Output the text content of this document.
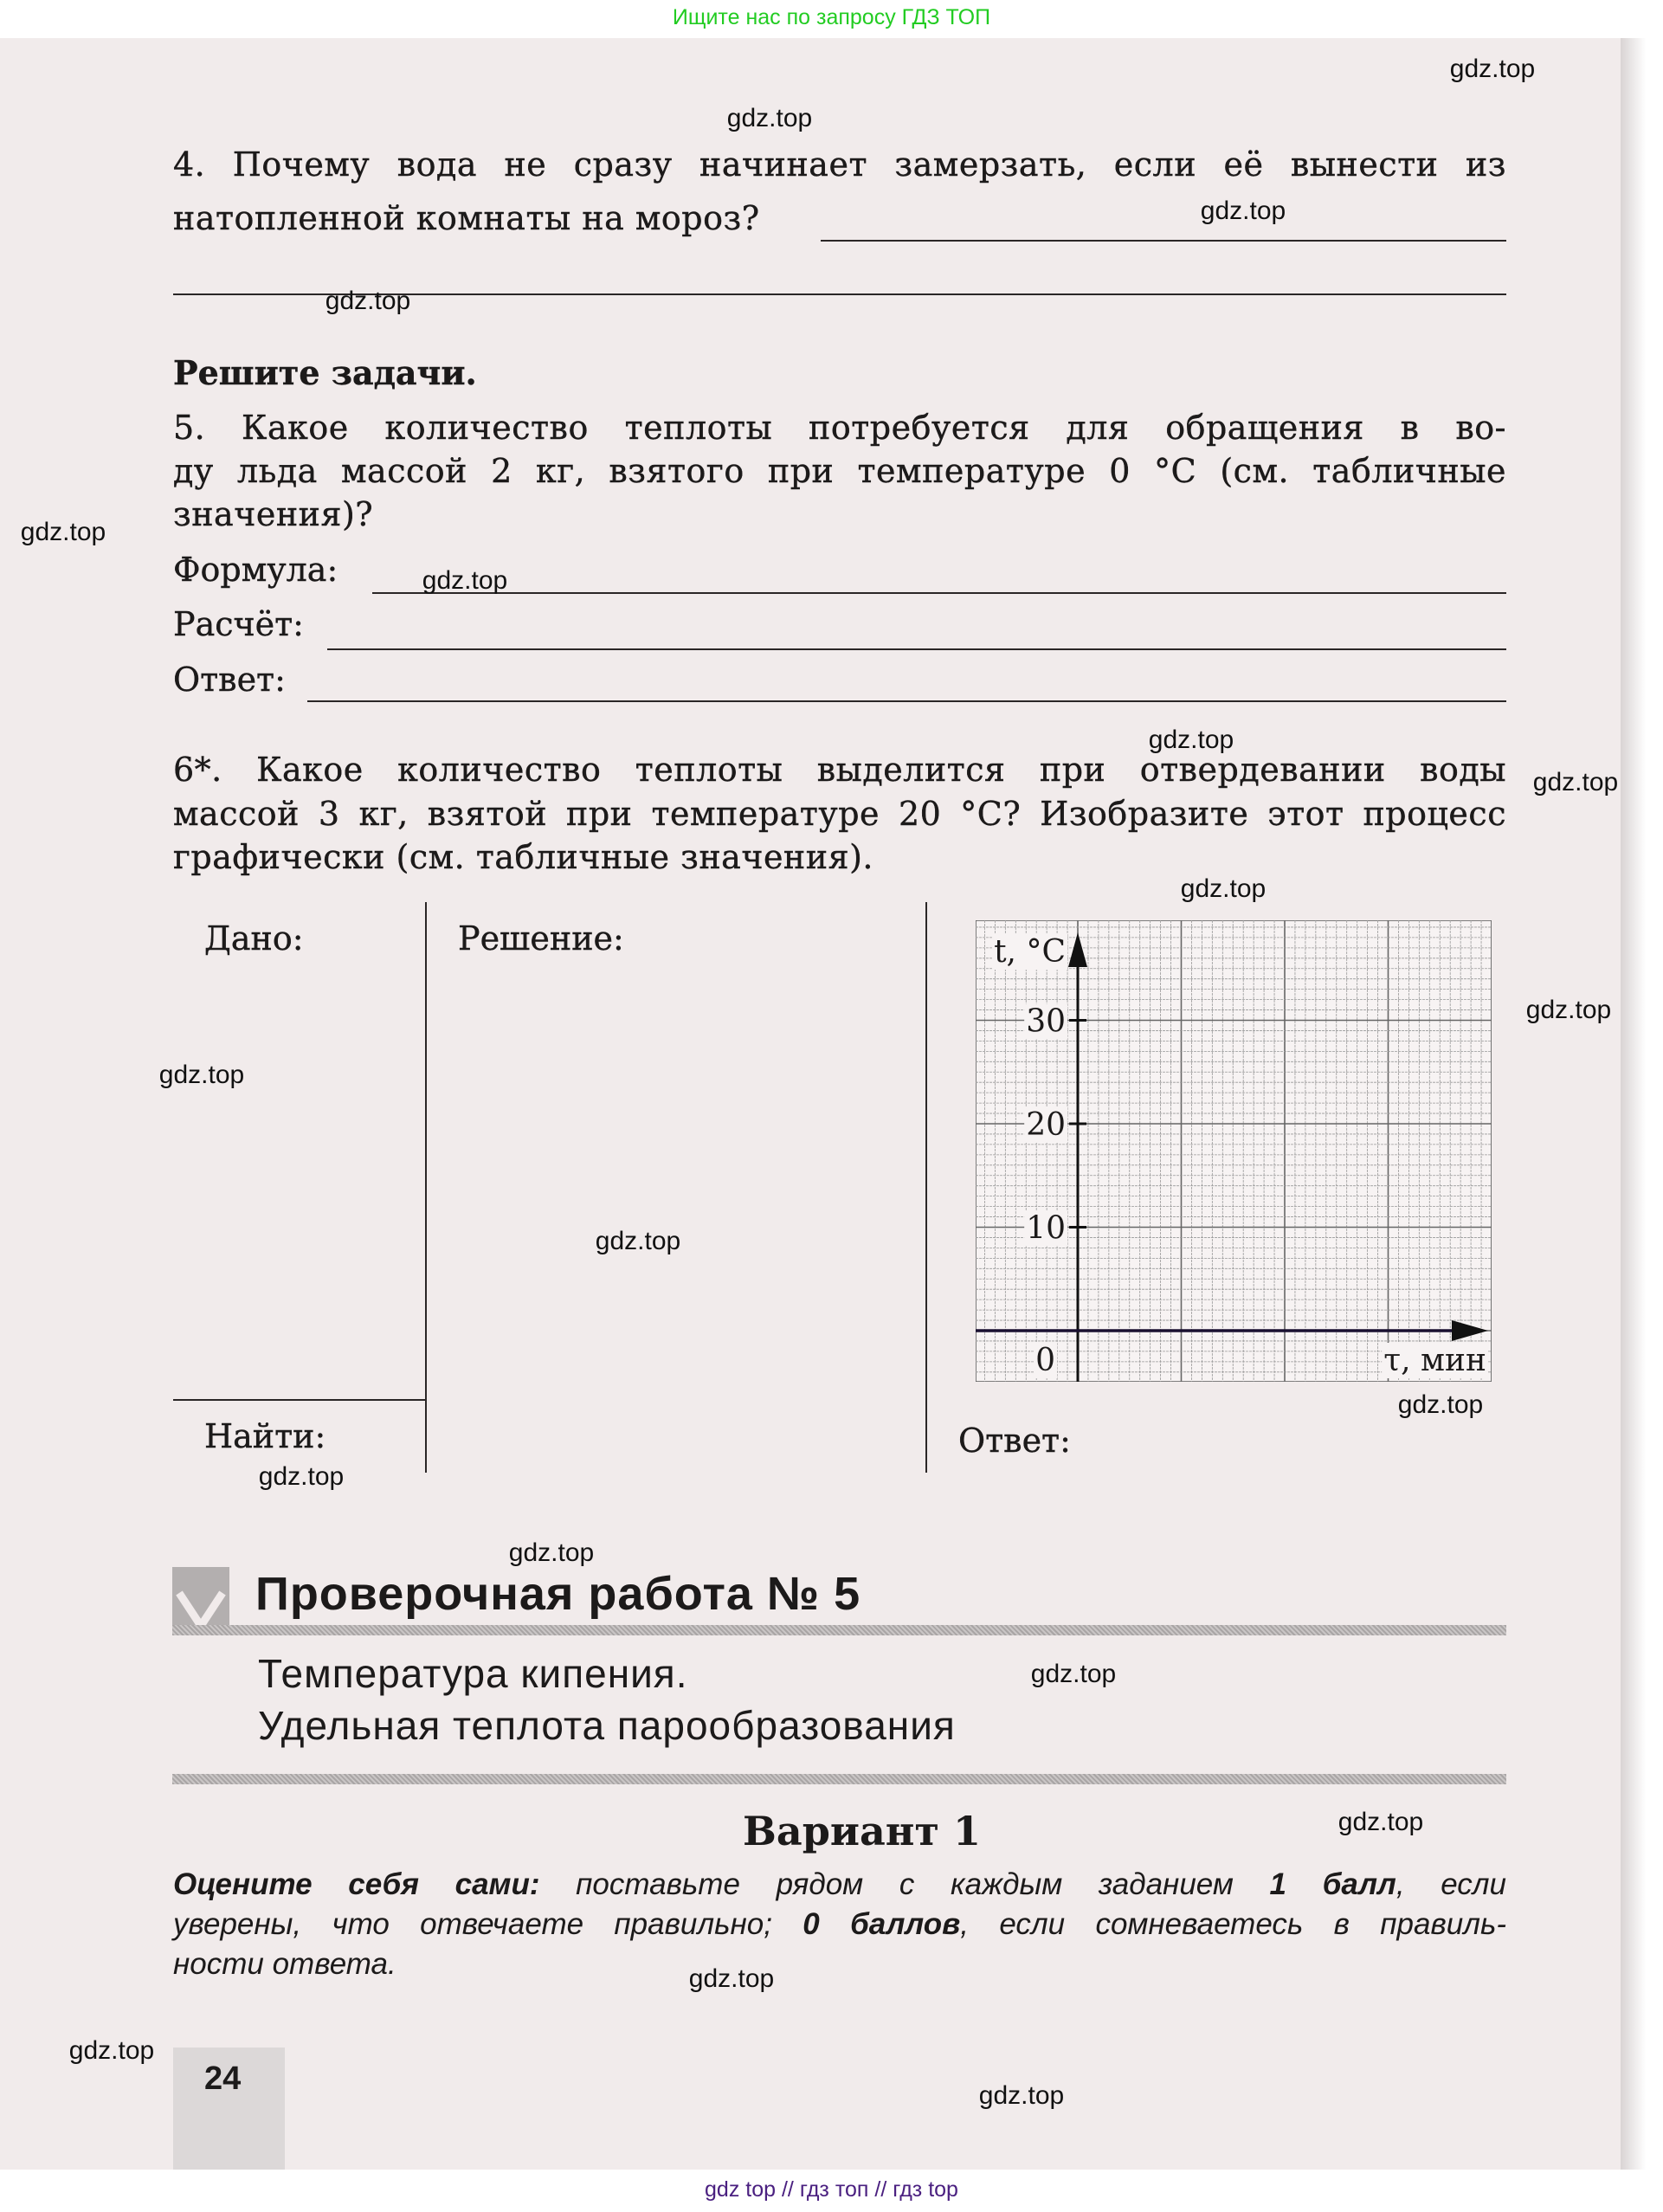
Ищите нас по запросу ГДЗ ТОП
4. Почему вода не сразу начинает замерзать, если её вынести из
натопленной комнаты на мороз?
Решите задачи.
5. Какое количество теплоты потребуется для обращения в во-
ду льда массой 2 кг, взятого при температуре 0 °С (см. табличные
значения)?
Формула:
Расчёт:
Ответ:
6*. Какое количество теплоты выделится при отвердевании воды
массой 3 кг, взятой при температуре 20 °С? Изобразите этот процесс
графически (см. табличные значения).
Дано:
Найти:
Решение:
Ответ:
30
20
10
0
t, °C
τ, мин
Проверочная работа № 5
Температура кипения.
Удельная теплота парообразования
Вариант 1
Оцените себя сами: поставьте рядом с каждым заданием 1 балл, если
уверены, что отвечаете правильно; 0 баллов, если сомневаетесь в правиль-
ности ответа.
24
gdz.top
gdz.top
gdz.top
gdz.top
gdz.top
gdz.top
gdz.top
gdz.top
gdz.top
gdz.top
gdz.top
gdz.top
gdz.top
gdz.top
gdz.top
gdz.top
gdz.top
gdz.top
gdz.top
gdz.top
gdz top // гдз топ // гдз top
